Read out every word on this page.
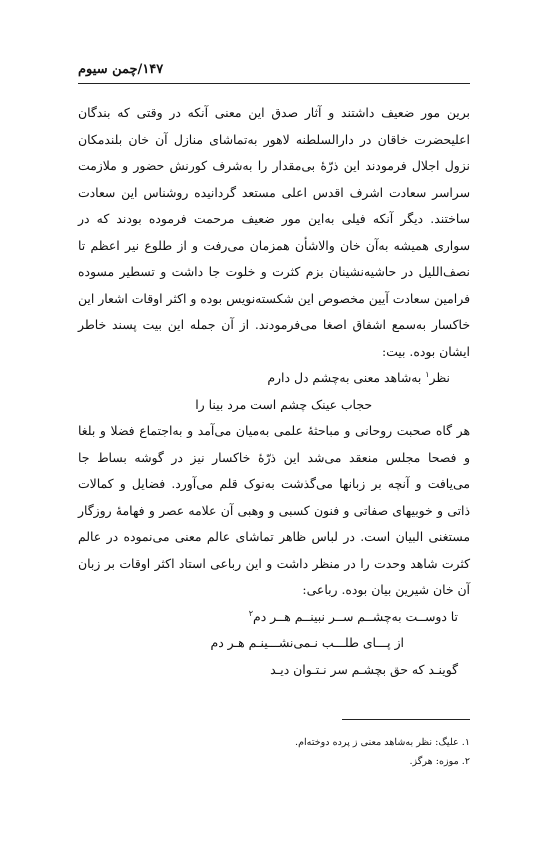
۱۴۷/چمن سیوم

برین مور ضعیف داشتند و آثار صدق این معنی آنکه در وقتی که بندگان اعلیحضرت خاقان در دارالسلطنه لاهور به‌تماشای منازل آن خان بلندمکان نزول اجلال فرمودند این ذرّهٔ بی‌مقدار را به‌شرف کورنش حضور و ملازمت سراسر سعادت اشرف اقدس اعلی مستعد گردانیده روشناس این سعادت ساختند. دیگر آنکه فیلی به‌این مور ضعیف مرحمت فرموده بودند که در سواری همیشه به‌آن خان والاشأن همزمان می‌رفت و از طلوع نیر اعظم تا نصف‌اللیل در حاشیه‌نشینان بزم کثرت و خلوت جا داشت و تسطیر مسوده فرامین سعادت آیین مخصوص این شکسته‌نویس بوده و اکثر اوقات اشعار این خاکسار به‌سمع اشفاق اصغا می‌فرمودند. از آن جمله این بیت پسند خاطر ایشان بوده. بیت:

نظر$^۱$ به‌شاهد معنی به‌چشم دل دارم

حجاب عینک چشم است مرد بینا را

هر گاه صحبت روحانی و مباحثهٔ علمی به‌میان می‌آمد و به‌اجتماع فضلا و بلغا و فصحا مجلس منعقد می‌شد این ذرّهٔ خاکسار نیز در گوشه بساط جا می‌یافت و آنچه بر زبانها می‌گذشت به‌نوک قلم می‌آورد. فضایل و کمالات ذاتی و خوبیهای صفاتی و فنون کسبی و وهبی آن علامه عصر و فهامهٔ روزگار مستغنی البیان است. در لباس ظاهر تماشای عالم معنی می‌نموده در عالم کثرت شاهد وحدت را در منظر داشت و این رباعی استاد اکثر اوقات بر زبان آن خان شیرین بیان بوده. رباعی:

تا دوســت به‌چشــم ســر نبینــم هــر دم$^۲$

از پـــای طلـــب نـمی‌نشـــینـم هـر دم

گوینـد که حق بچشـم سر نـتـوان دیـد

۱. علیگ: نظر به‌شاهد معنی ز پرده دوخته‌ام.
۲. موزه: هرگز.
